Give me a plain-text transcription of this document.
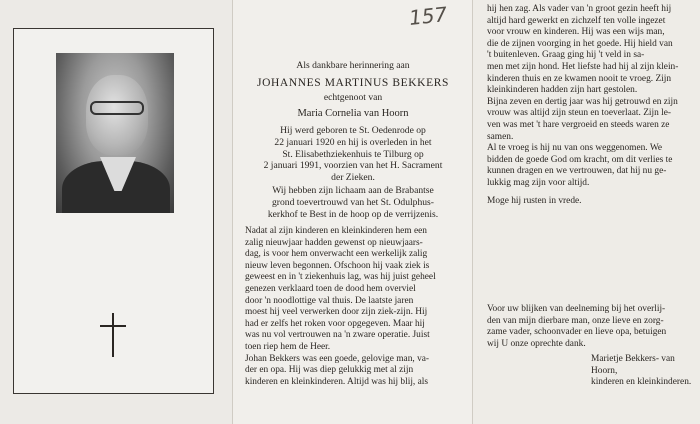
157

Als dankbare herinnering aan

JOHANNES MARTINUS BEKKERS

echtgenoot van

Maria Cornelia van Hoorn

Hij werd geboren te St. Oedenrode op

22 januari 1920 en hij is overleden in het

St. Elisabethziekenhuis te Tilburg op

2 januari 1991, voorzien van het H. Sacrament

der Zieken.

Wij hebben zijn lichaam aan de Brabantse

grond toevertrouwd van het St. Odulphus-

kerkhof te Best in de hoop op de verrijzenis.

Nadat al zijn kinderen en kleinkinderen hem een

zalig nieuwjaar hadden gewenst op nieuwjaars-

dag, is voor hem onverwacht een werkelijk zalig

nieuw leven begonnen. Ofschoon hij vaak ziek is

geweest en in 't ziekenhuis lag, was hij juist geheel

genezen verklaard toen de dood hem overviel

door 'n noodlottige val thuis. De laatste jaren

moest hij veel verwerken door zijn ziek-zijn. Hij

had er zelfs het roken voor opgegeven. Maar hij

was nu vol vertrouwen na 'n zware operatie. Juist

toen riep hem de Heer.

Johan Bekkers was een goede, gelovige man, va-

der en opa. Hij was diep gelukkig met al zijn

kinderen en kleinkinderen. Altijd was hij blij, als

hij hen zag. Als vader van 'n groot gezin heeft hij

altijd hard gewerkt en zichzelf ten volle ingezet

voor vrouw en kinderen. Hij was een wijs man,

die de zijnen voorging in het goede. Hij hield van

't buitenleven. Graag ging hij 't veld in sa-

men met zijn hond. Het liefste had hij al zijn klein-

kinderen thuis en ze kwamen nooit te vroeg. Zijn

kleinkinderen hadden zijn hart gestolen.

Bijna zeven en dertig jaar was hij getrouwd en zijn

vrouw was altijd zijn steun en toeverlaat. Zijn le-

ven was met 't hare vergroeid en steeds waren ze

samen.

Al te vroeg is hij nu van ons weggenomen. We

bidden de goede God om kracht, om dit verlies te

kunnen dragen en we vertrouwen, dat hij nu ge-

lukkig mag zijn voor altijd.

Moge hij rusten in vrede.

Voor uw blijken van deelneming bij het overlij-

den van mijn dierbare man, onze lieve en zorg-

zame vader, schoonvader en lieve opa, betuigen

wij U onze oprechte dank.

Marietje Bekkers- van Hoorn,

kinderen en kleinkinderen.
